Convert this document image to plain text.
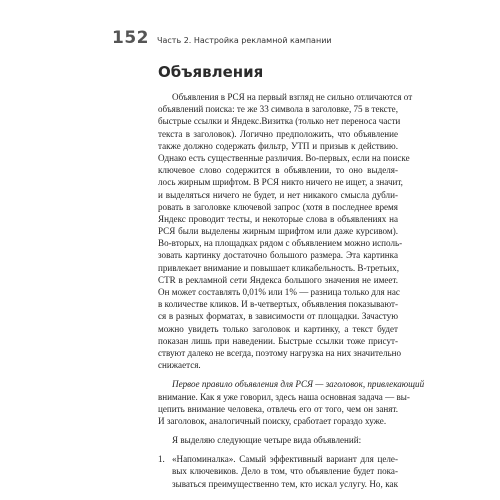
152 Часть 2. Настройка рекламной кампании
Объявления
Объявления в РСЯ на первый взгляд не сильно отличаются от
объявлений поиска: те же 33 символа в заголовке, 75 в тексте,
быстрые ссылки и Яндекс.Визитка (только нет переноса части
текста в заголовок). Логично предположить, что объявление
также должно содержать фильтр, УТП и призыв к действию.
Однако есть существенные различия. Во-первых, если на поиске
ключевое слово содержится в объявлении, то оно выделя-
лось жирным шрифтом. В РСЯ никто ничего не ищет, а значит,
и выделяться ничего не будет, и нет никакого смысла дубли-
ровать в заголовке ключевой запрос (хотя в последнее время
Яндекс проводит тесты, и некоторые слова в объявлениях на
РСЯ были выделены жирным шрифтом или даже курсивом).
Во-вторых, на площадках рядом с объявлением можно исполь-
зовать картинку достаточно большого размера. Эта картинка
привлекает внимание и повышает кликабельность. В-третьих,
CTR в рекламной сети Яндекса большого значения не имеет.
Он может составлять 0,01% или 1% — разница только для нас
в количестве кликов. И в-четвертых, объявления показывают-
ся в разных форматах, в зависимости от площадки. Зачастую
можно увидеть только заголовок и картинку, а текст будет
показан лишь при наведении. Быстрые ссылки тоже присут-
ствуют далеко не всегда, поэтому нагрузка на них значительно
снижается.
Первое правило объявления для РСЯ — заголовок, привлекающий
внимание. Как я уже говорил, здесь наша основная задача — вы-
цепить внимание человека, отвлечь его от того, чем он занят.
И заголовок, аналогичный поиску, сработает гораздо хуже.
Я выделяю следующие четыре вида объявлений:
1. «Напоминалка». Самый эффективный вариант для целе-
вых ключевиков. Дело в том, что объявление будет пока-
зываться преимущественно тем, кто искал услугу. Но, как
